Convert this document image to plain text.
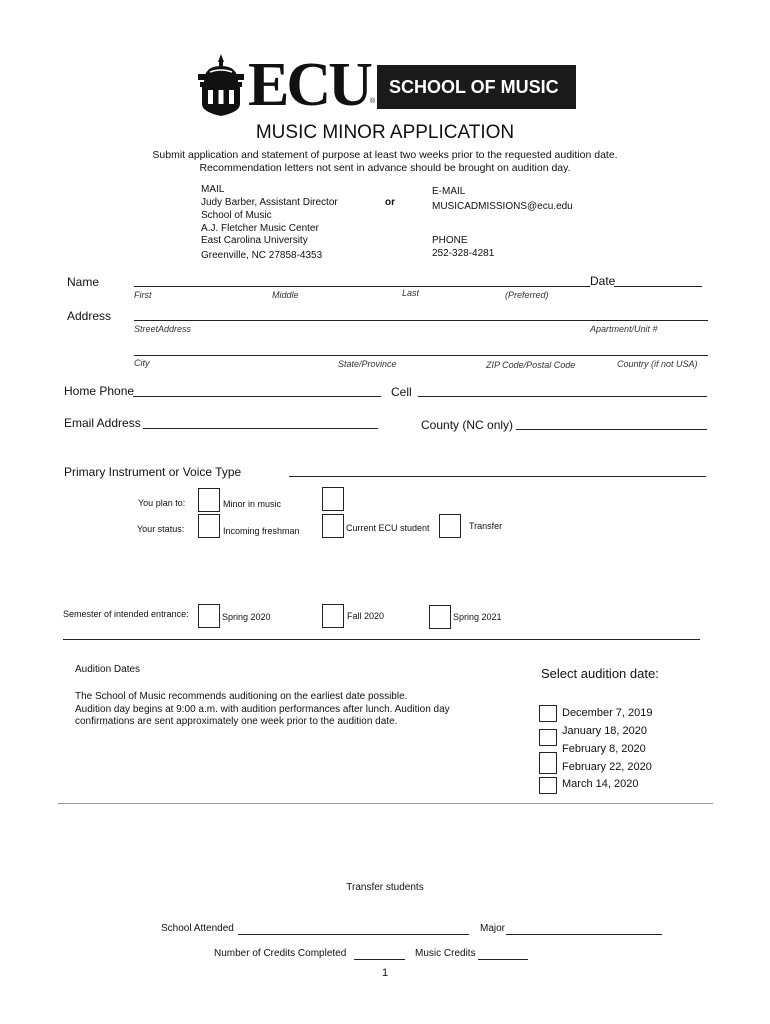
ECU ®
SCHOOL OF MUSIC
MUSIC MINOR APPLICATION
Submit application and statement of purpose at least two weeks prior to the requested audition date.
Recommendation letters not sent in advance should be brought on audition day.
MAIL
Judy Barber, Assistant Director
School of Music
A.J. Fletcher Music Center
East Carolina University
Greenville, NC 27858-4353
or
E-MAIL
MUSICADMISSIONS@ecu.edu
PHONE
252-328-4281
Name	Date
First	Middle	Last	(Preferred)
Address
StreetAddress	Apartment/Unit #
City	State/Province	ZIP Code/Postal Code	Country (if not USA)
Home Phone	Cell
Email Address	County (NC only)
Primary Instrument or Voice Type
You plan to:	Minor in music
Your status:	Incoming freshman	Current ECU student	Transfer
Semester of intended entrance:	Spring 2020	Fall 2020	Spring 2021
Audition Dates
The School of Music recommends auditioning on the earliest date possible.
Audition day begins at 9:00 a.m. with audition performances after lunch. Audition day
confirmations are sent approximately one week prior to the audition date.
Select audition date:
December 7, 2019
January 18, 2020
February 8, 2020
February 22, 2020
March 14, 2020
Transfer students
School Attended	Major
Number of Credits Completed	Music Credits
1
